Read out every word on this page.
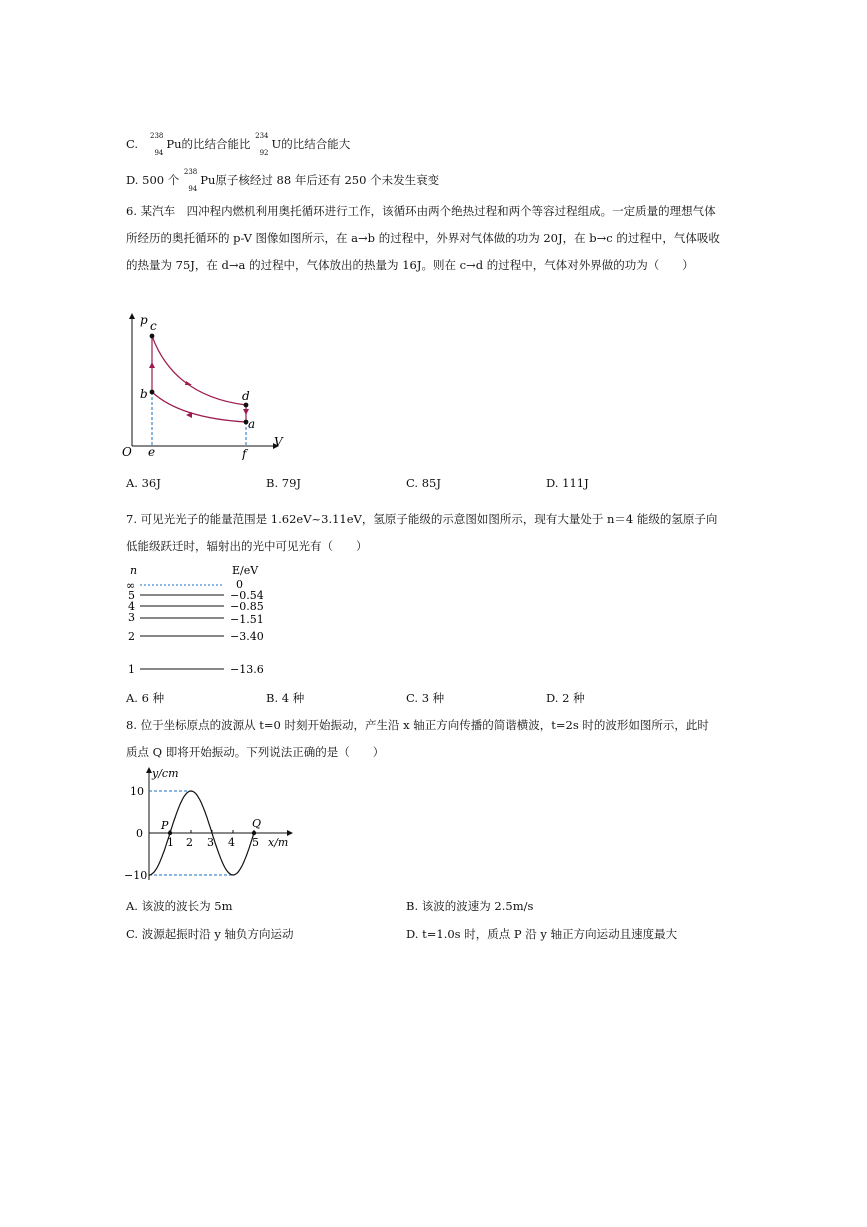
C.
238
94
Pu的比结合能比
234
92
U的比结合能大
D. 500 个
238
94
Pu原子核经过 88 年后还有 250 个未发生衰变
6. 某汽车　四冲程内燃机利用奥托循环进行工作，该循环由两个绝热过程和两个等容过程组成。一定质量的理想气体所经历的奥托循环的 p-V 图像如图所示，在 a→b 的过程中，外界对气体做的功为 20J，在 b→c 的过程中，气体吸收的热量为 75J，在 d→a 的过程中，气体放出的热量为 16J。则在 c→d 的过程中，气体对外界做的功为（　　）
p c
b	d
a
V
O e	f
A. 36J	B. 79J	C. 85J	D. 111J
7. 可见光光子的能量范围是 1.62eV~3.11eV，氢原子能级的示意图如图所示，现有大量处于 n＝4 能级的氢原子向低能级跃迁时，辐射出的光中可见光有（　　）
n	E/eV
∞	0
5	−0.54
4	−0.85
3	−1.51
2	−3.40
1	−13.6
A. 6 种	B. 4 种	C. 3 种	D. 2 种
8. 位于坐标原点的波源从 t=0 时刻开始振动，产生沿 x 轴正方向传播的简谐横波，t=2s 时的波形如图所示，此时质点 Q 即将开始振动。下列说法正确的是（　　）
1 2 3 4 5
10
−10
0
y/cm
x/m
P	Q
A. 该波的波长为 5m	B. 该波的波速为 2.5m/s
C. 波源起振时沿 y 轴负方向运动	D. t=1.0s 时，质点 P 沿 y 轴正方向运动且速度最大
